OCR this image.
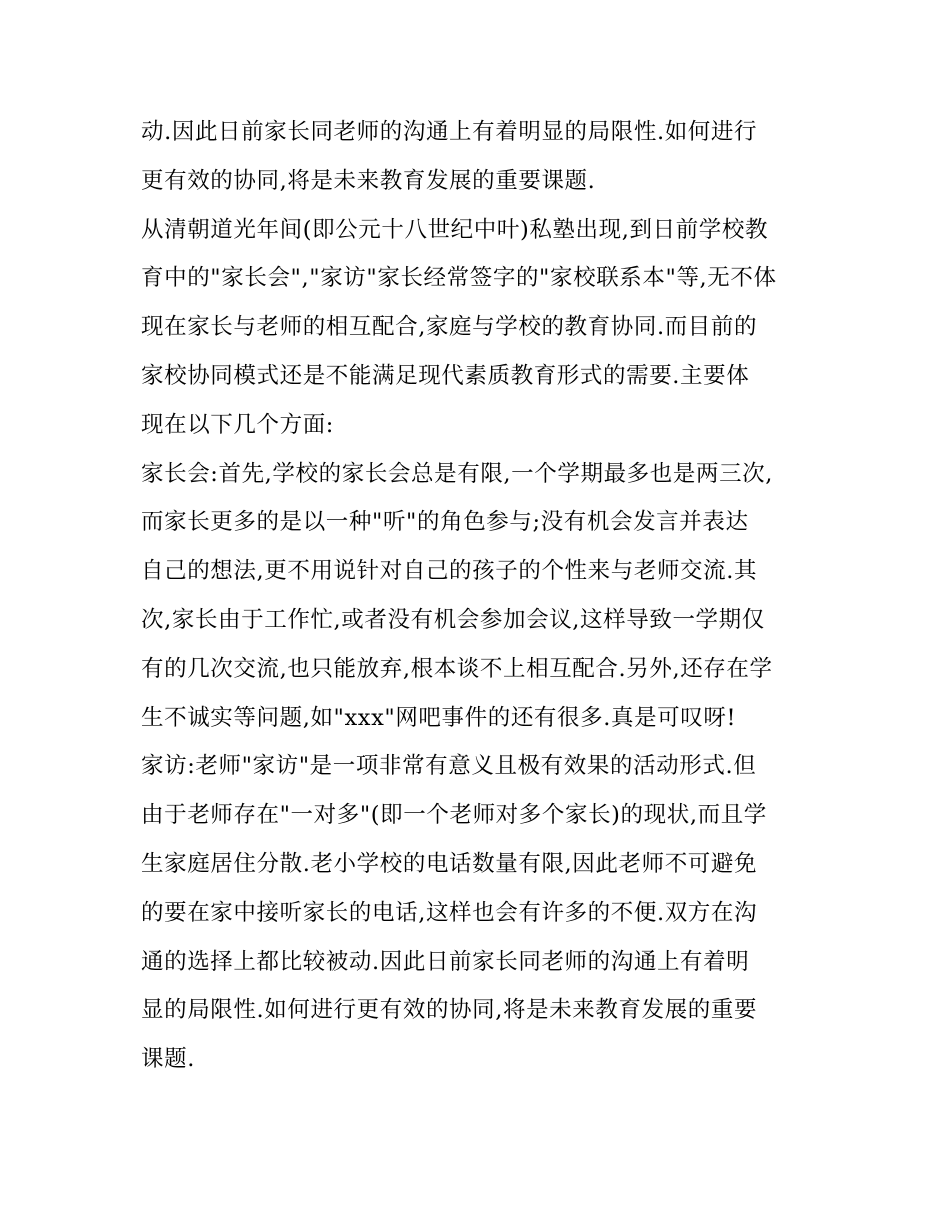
动.因此日前家长同老师的沟通上有着明显的局限性.如何进行
更有效的协同,将是未来教育发展的重要课题.
从清朝道光年间(即公元十八世纪中叶)私塾出现,到日前学校教
育中的"家长会","家访"家长经常签字的"家校联系本"等,无不体
现在家长与老师的相互配合,家庭与学校的教育协同.而目前的
家校协同模式还是不能满足现代素质教育形式的需要.主要体
现在以下几个方面:
家长会:首先,学校的家长会总是有限,一个学期最多也是两三次,
而家长更多的是以一种"听"的角色参与;没有机会发言并表达
自己的想法,更不用说针对自己的孩子的个性来与老师交流.其
次,家长由于工作忙,或者没有机会参加会议,这样导致一学期仅
有的几次交流,也只能放弃,根本谈不上相互配合.另外,还存在学
生不诚实等问题,如"xxx"网吧事件的还有很多.真是可叹呀!
家访:老师"家访"是一项非常有意义且极有效果的活动形式.但
由于老师存在"一对多"(即一个老师对多个家长)的现状,而且学
生家庭居住分散.老小学校的电话数量有限,因此老师不可避免
的要在家中接听家长的电话,这样也会有许多的不便.双方在沟
通的选择上都比较被动.因此日前家长同老师的沟通上有着明
显的局限性.如何进行更有效的协同,将是未来教育发展的重要
课题.
